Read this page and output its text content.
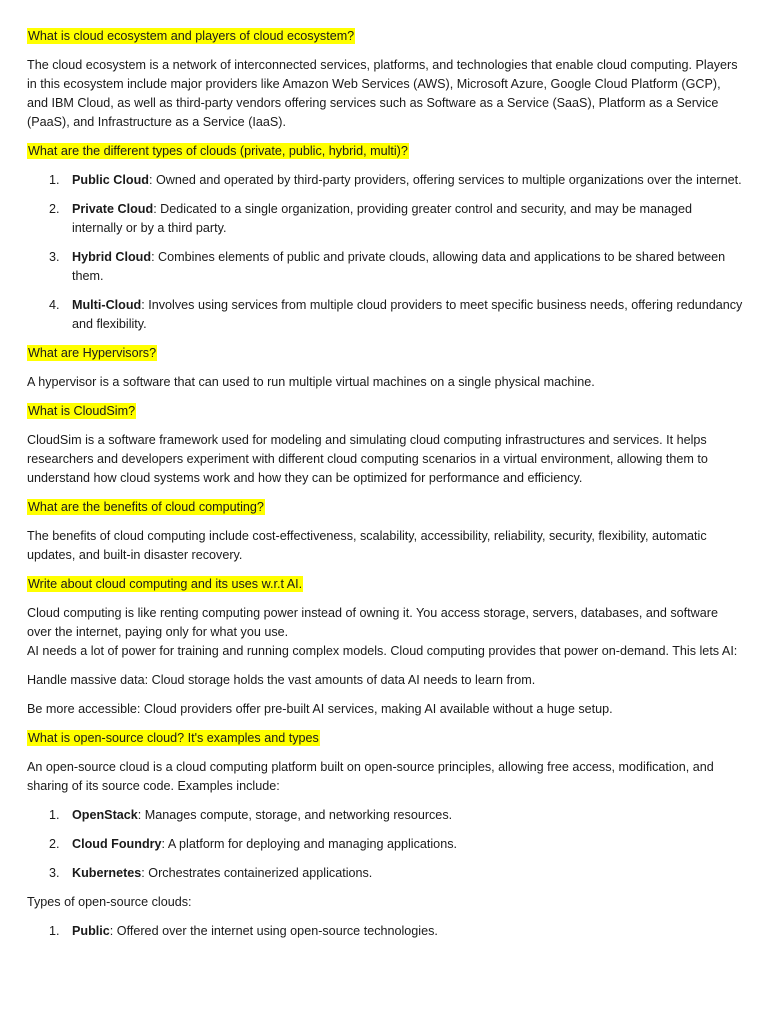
What is cloud ecosystem and players of cloud ecosystem?

The cloud ecosystem is a network of interconnected services, platforms, and technologies that enable cloud computing. Players in this ecosystem include major providers like Amazon Web Services (AWS), Microsoft Azure, Google Cloud Platform (GCP), and IBM Cloud, as well as third-party vendors offering services such as Software as a Service (SaaS), Platform as a Service (PaaS), and Infrastructure as a Service (IaaS).

What are the different types of clouds (private, public, hybrid, multi)?
1. Public Cloud: Owned and operated by third-party providers, offering services to multiple organizations over the internet.
2. Private Cloud: Dedicated to a single organization, providing greater control and security, and may be managed internally or by a third party.
3. Hybrid Cloud: Combines elements of public and private clouds, allowing data and applications to be shared between them.
4. Multi-Cloud: Involves using services from multiple cloud providers to meet specific business needs, offering redundancy and flexibility.
What are Hypervisors?

A hypervisor is a software that can used to run multiple virtual machines on a single physical machine.

What is CloudSim?

CloudSim is a software framework used for modeling and simulating cloud computing infrastructures and services. It helps researchers and developers experiment with different cloud computing scenarios in a virtual environment, allowing them to understand how cloud systems work and how they can be optimized for performance and efficiency.

What are the benefits of cloud computing?

The benefits of cloud computing include cost-effectiveness, scalability, accessibility, reliability, security, flexibility, automatic updates, and built-in disaster recovery.

Write about cloud computing and its uses w.r.t AI.

Cloud computing is like renting computing power instead of owning it. You access storage, servers, databases, and software over the internet, paying only for what you use.
AI needs a lot of power for training and running complex models. Cloud computing provides that power on-demand. This lets AI:

Handle massive data: Cloud storage holds the vast amounts of data AI needs to learn from.

Be more accessible: Cloud providers offer pre-built AI services, making AI available without a huge setup.

What is open-source cloud? It's examples and types

An open-source cloud is a cloud computing platform built on open-source principles, allowing free access, modification, and sharing of its source code. Examples include:

1. OpenStack: Manages compute, storage, and networking resources.
2. Cloud Foundry: A platform for deploying and managing applications.
3. Kubernetes: Orchestrates containerized applications.

Types of open-source clouds:

1. Public: Offered over the internet using open-source technologies.
